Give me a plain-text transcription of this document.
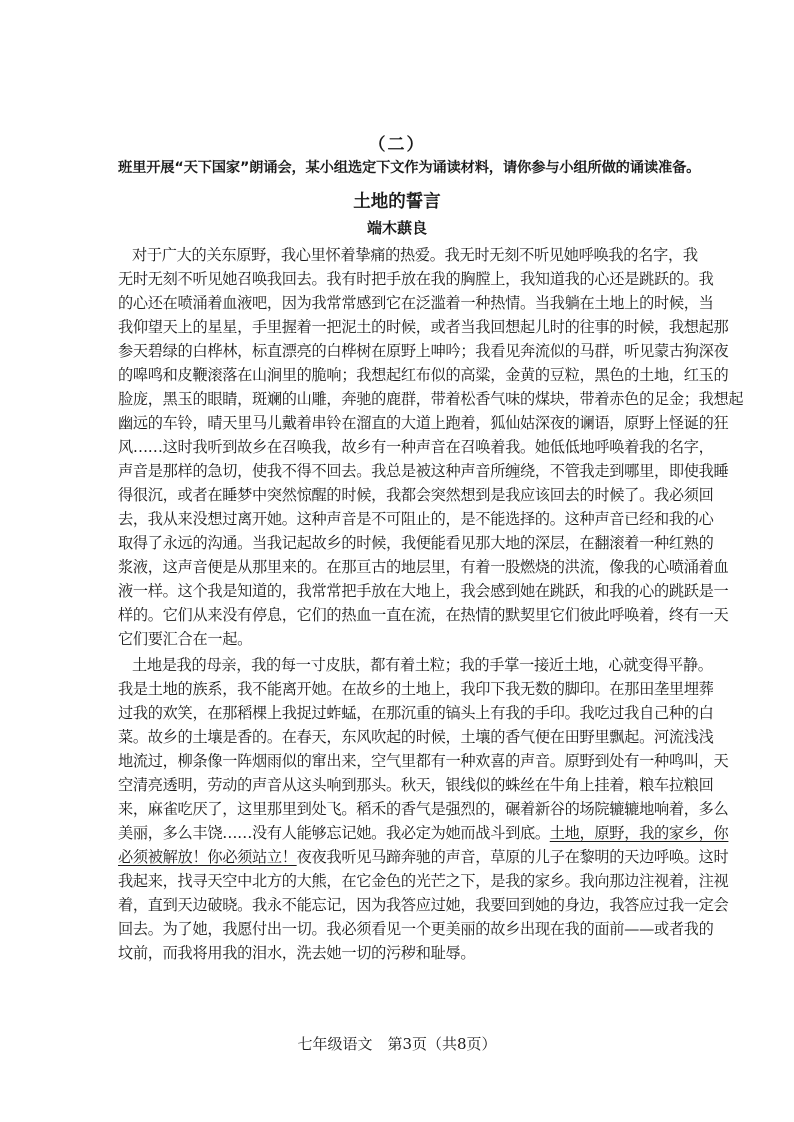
（二）
班里开展“天下国家”朗诵会，某小组选定下文作为诵读材料，请你参与小组所做的诵读准备。
土地的誓言
端木蕻良
对于广大的关东原野，我心里怀着挚痛的热爱。我无时无刻不听见她呼唤我的名字，我
无时无刻不听见她召唤我回去。我有时把手放在我的胸膛上，我知道我的心还是跳跃的。我
的心还在喷涌着血液吧，因为我常常感到它在泛滥着一种热情。当我躺在土地上的时候，当
我仰望天上的星星，手里握着一把泥土的时候，或者当我回想起儿时的往事的时候，我想起那
参天碧绿的白桦林，标直漂亮的白桦树在原野上呻吟；我看见奔流似的马群，听见蒙古狗深夜
的嗥鸣和皮鞭滚落在山涧里的脆响；我想起红布似的高粱，金黄的豆粒，黑色的土地，红玉的
脸庞，黑玉的眼睛，斑斓的山雕，奔驰的鹿群，带着松香气味的煤块，带着赤色的足金；我想起
幽远的车铃，晴天里马儿戴着串铃在溜直的大道上跑着，狐仙姑深夜的谰语，原野上怪诞的狂
风……这时我听到故乡在召唤我，故乡有一种声音在召唤着我。她低低地呼唤着我的名字，
声音是那样的急切，使我不得不回去。我总是被这种声音所缠绕，不管我走到哪里，即使我睡
得很沉，或者在睡梦中突然惊醒的时候，我都会突然想到是我应该回去的时候了。我必须回
去，我从来没想过离开她。这种声音是不可阻止的，是不能选择的。这种声音已经和我的心
取得了永远的沟通。当我记起故乡的时候，我便能看见那大地的深层，在翻滚着一种红熟的
浆液，这声音便是从那里来的。在那亘古的地层里，有着一股燃烧的洪流，像我的心喷涌着血
液一样。这个我是知道的，我常常把手放在大地上，我会感到她在跳跃，和我的心的跳跃是一
样的。它们从来没有停息，它们的热血一直在流，在热情的默契里它们彼此呼唤着，终有一天
它们要汇合在一起。
土地是我的母亲，我的每一寸皮肤，都有着土粒；我的手掌一接近土地，心就变得平静。
我是土地的族系，我不能离开她。在故乡的土地上，我印下我无数的脚印。在那田垄里埋葬
过我的欢笑，在那稻棵上我捉过蚱蜢，在那沉重的镐头上有我的手印。我吃过我自己种的白
菜。故乡的土壤是香的。在春天，东风吹起的时候，土壤的香气便在田野里飘起。河流浅浅
地流过，柳条像一阵烟雨似的窜出来，空气里都有一种欢喜的声音。原野到处有一种鸣叫，天
空清亮透明，劳动的声音从这头响到那头。秋天，银线似的蛛丝在牛角上挂着，粮车拉粮回
来，麻雀吃厌了，这里那里到处飞。稻禾的香气是强烈的，碾着新谷的场院辘辘地响着，多么
美丽，多么丰饶……没有人能够忘记她。我必定为她而战斗到底。土地，原野，我的家乡，你
必须被解放！你必须站立！夜夜我听见马蹄奔驰的声音，草原的儿子在黎明的天边呼唤。这时
我起来，找寻天空中北方的大熊，在它金色的光芒之下，是我的家乡。我向那边注视着，注视
着，直到天边破晓。我永不能忘记，因为我答应过她，我要回到她的身边，我答应过我一定会
回去。为了她，我愿付出一切。我必须看见一个更美丽的故乡出现在我的面前——或者我的
坟前，而我将用我的泪水，洗去她一切的污秽和耻辱。
七年级语文　第3页（共8页）
